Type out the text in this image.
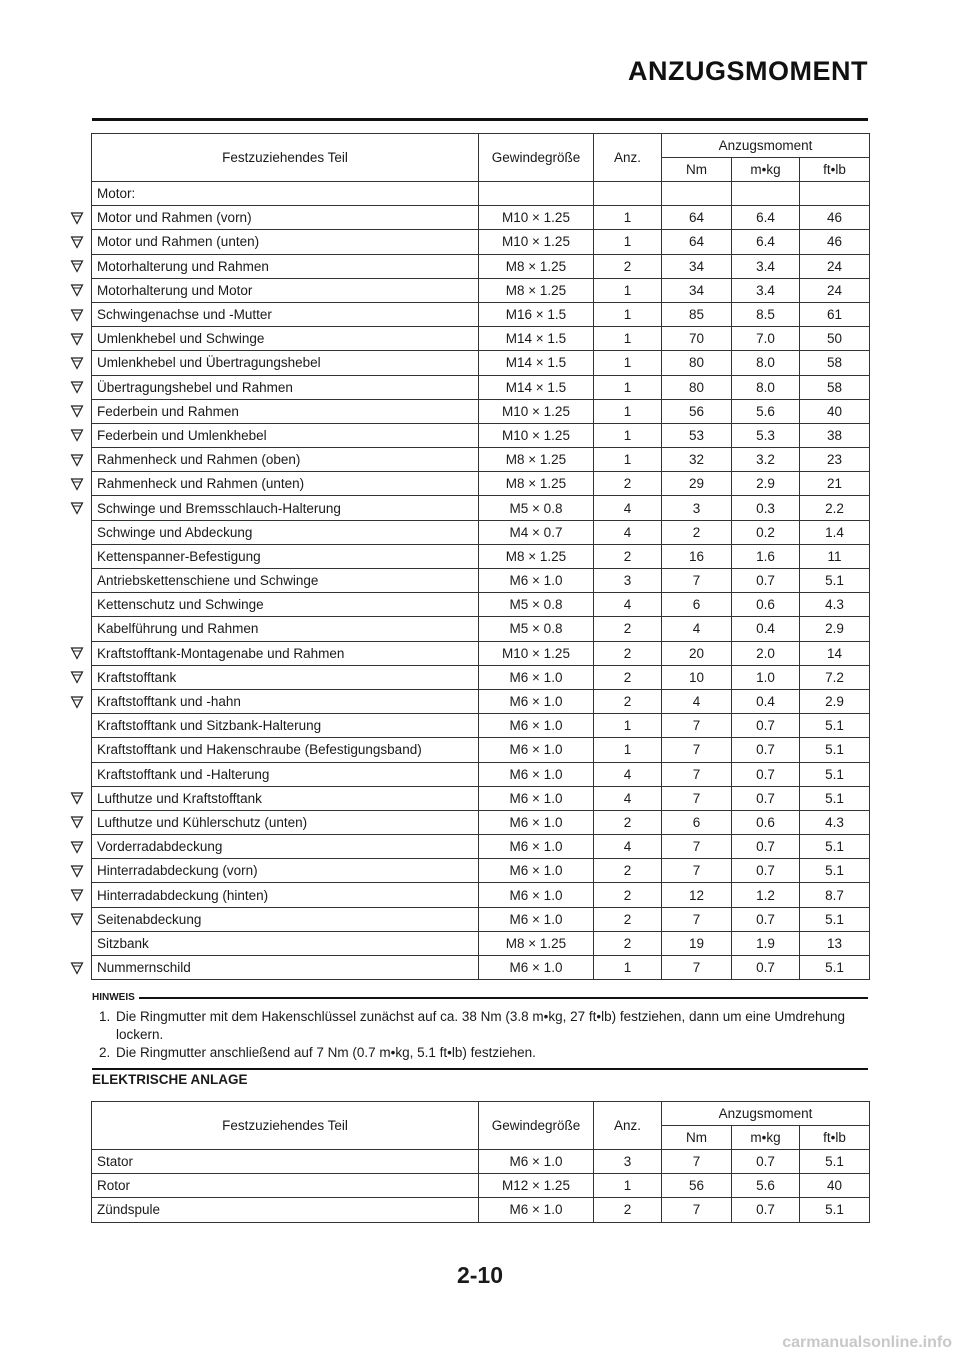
ANZUGSMOMENT
Festzuziehendes Teil	Gewindegröße	Anz.	Anzugsmoment		
			Nm	m•kg	ft•lb
Motor:					
Motor und Rahmen (vorn)	M10 × 1.25	1	64	6.4	46
Motor und Rahmen (unten)	M10 × 1.25	1	64	6.4	46
Motorhalterung und Rahmen	M8 × 1.25	2	34	3.4	24
Motorhalterung und Motor	M8 × 1.25	1	34	3.4	24
Schwingenachse und -Mutter	M16 × 1.5	1	85	8.5	61
Umlenkhebel und Schwinge	M14 × 1.5	1	70	7.0	50
Umlenkhebel und Übertragungshebel	M14 × 1.5	1	80	8.0	58
Übertragungshebel und Rahmen	M14 × 1.5	1	80	8.0	58
Federbein und Rahmen	M10 × 1.25	1	56	5.6	40
Federbein und Umlenkhebel	M10 × 1.25	1	53	5.3	38
Rahmenheck und Rahmen (oben)	M8 × 1.25	1	32	3.2	23
Rahmenheck und Rahmen (unten)	M8 × 1.25	2	29	2.9	21
Schwinge und Bremsschlauch-Halterung	M5 × 0.8	4	3	0.3	2.2
Schwinge und Abdeckung	M4 × 0.7	4	2	0.2	1.4
Kettenspanner-Befestigung	M8 × 1.25	2	16	1.6	11
Antriebskettenschiene und Schwinge	M6 × 1.0	3	7	0.7	5.1
Kettenschutz und Schwinge	M5 × 0.8	4	6	0.6	4.3
Kabelführung und Rahmen	M5 × 0.8	2	4	0.4	2.9
Kraftstofftank-Montagenabe und Rahmen	M10 × 1.25	2	20	2.0	14
Kraftstofftank	M6 × 1.0	2	10	1.0	7.2
Kraftstofftank und -hahn	M6 × 1.0	2	4	0.4	2.9
Kraftstofftank und Sitzbank-Halterung	M6 × 1.0	1	7	0.7	5.1
Kraftstofftank und Hakenschraube (Befestigungsband)	M6 × 1.0	1	7	0.7	5.1
Kraftstofftank und -Halterung	M6 × 1.0	4	7	0.7	5.1
Lufthutze und Kraftstofftank	M6 × 1.0	4	7	0.7	5.1
Lufthutze und Kühlerschutz (unten)	M6 × 1.0	2	6	0.6	4.3
Vorderradabdeckung	M6 × 1.0	4	7	0.7	5.1
Hinterradabdeckung (vorn)	M6 × 1.0	2	7	0.7	5.1
Hinterradabdeckung (hinten)	M6 × 1.0	2	12	1.2	8.7
Seitenabdeckung	M6 × 1.0	2	7	0.7	5.1
Sitzbank	M8 × 1.25	2	19	1.9	13
Nummernschild	M6 × 1.0	1	7	0.7	5.1
HINWEIS
1. Die Ringmutter mit dem Hakenschlüssel zunächst auf ca. 38 Nm (3.8 m•kg, 27 ft•lb) festziehen, dann um eine Umdrehung lockern.
2. Die Ringmutter anschließend auf 7 Nm (0.7 m•kg, 5.1 ft•lb) festziehen.
ELEKTRISCHE ANLAGE
Festzuziehendes Teil	Gewindegröße	Anz.	Anzugsmoment		
			Nm	m•kg	ft•lb
Stator	M6 × 1.0	3	7	0.7	5.1
Rotor	M12 × 1.25	1	56	5.6	40
Zündspule	M6 × 1.0	2	7	0.7	5.1
2-10
carmanualsonline.info
